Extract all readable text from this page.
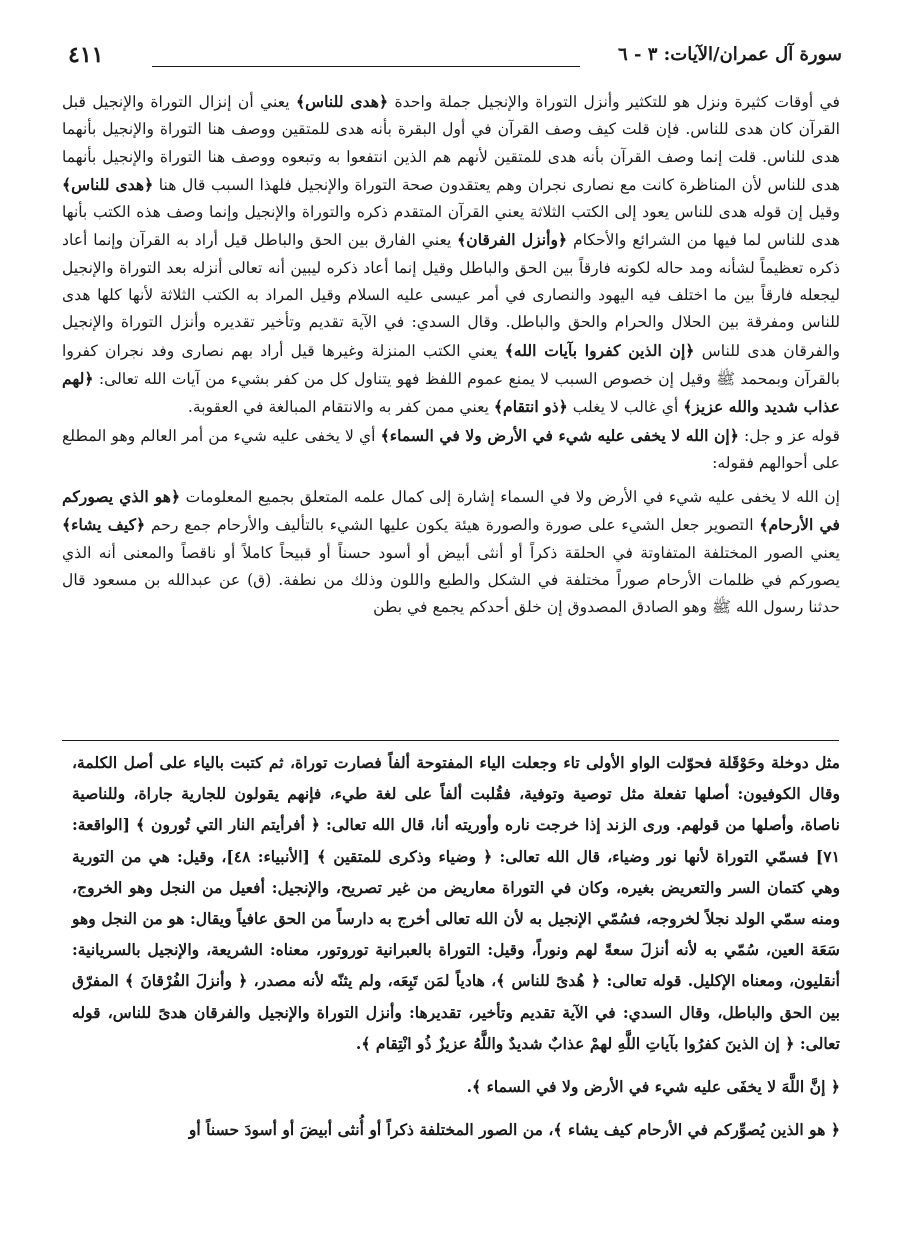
سورة آل عمران/الآيات: ٣ - ٦
٤١١

في أوقات كثيرة ونزل هو للتكثير وأنزل التوراة والإنجيل جملة واحدة ﴿هدى للناس﴾ يعني أن إنزال التوراة والإنجيل قبل القرآن كان هدى للناس. فإن قلت كيف وصف القرآن في أول البقرة بأنه هدى للمتقين ووصف هنا التوراة والإنجيل بأنهما هدى للناس. قلت إنما وصف القرآن بأنه هدى للمتقين لأنهم هم الذين انتفعوا به وتبعوه ووصف هنا التوراة والإنجيل بأنهما هدى للناس لأن المناظرة كانت مع نصارى نجران وهم يعتقدون صحة التوراة والإنجيل فلهذا السبب قال هنا ﴿هدى للناس﴾ وقيل إن قوله هدى للناس يعود إلى الكتب الثلاثة يعني القرآن المتقدم ذكره والتوراة والإنجيل وإنما وصف هذه الكتب بأنها هدى للناس لما فيها من الشرائع والأحكام ﴿وأنزل الفرقان﴾ يعني الفارق بين الحق والباطل قيل أراد به القرآن وإنما أعاد ذكره تعظيماً لشأنه ومد حاله لكونه فارقاً بين الحق والباطل وقيل إنما أعاد ذكره ليبين أنه تعالى أنزله بعد التوراة والإنجيل ليجعله فارقاً بين ما اختلف فيه اليهود والنصارى في أمر عيسى عليه السلام وقيل المراد به الكتب الثلاثة لأنها كلها هدى للناس ومفرقة بين الحلال والحرام والحق والباطل. وقال السدي: في الآية تقديم وتأخير تقديره وأنزل التوراة والإنجيل والفرقان هدى للناس ﴿إن الذين كفروا بآيات الله﴾ يعني الكتب المنزلة وغيرها قيل أراد بهم نصارى وفد نجران كفروا بالقرآن وبمحمد ﷺ وقيل إن خصوص السبب لا يمنع عموم اللفظ فهو يتناول كل من كفر بشيء من آيات الله تعالى: ﴿لهم عذاب شديد والله عزيز﴾ أي غالب لا يغلب ﴿ذو انتقام﴾ يعني ممن كفر به والانتقام المبالغة في العقوبة.

قوله عز و جل: ﴿إن الله لا يخفى عليه شيء في الأرض ولا في السماء﴾ أي لا يخفى عليه شيء من أمر العالم وهو المطلع على أحوالهم فقوله:

إن الله لا يخفى عليه شيء في الأرض ولا في السماء إشارة إلى كمال علمه المتعلق بجميع المعلومات ﴿هو الذي يصوركم في الأرحام﴾ التصوير جعل الشيء على صورة والصورة هيئة يكون عليها الشيء بالتأليف والأرحام جمع رحم ﴿كيف يشاء﴾ يعني الصور المختلفة المتفاوتة في الحلقة ذكراً أو أنثى أبيض أو أسود حسناً أو قبيحاً كاملاً أو ناقصاً والمعنى أنه الذي يصوركم في ظلمات الأرحام صوراً مختلفة في الشكل والطبع واللون وذلك من نطفة. (ق) عن عبدالله بن مسعود قال حدثنا رسول الله ﷺ وهو الصادق المصدوق إن خلق أحدكم يجمع في بطن

مثل دوخلة وحَوْقَلة فحوّلت الواو الأولى تاء وجعلت الياء المفتوحة ألفاً فصارت توراة، ثم كتبت بالياء على أصل الكلمة، وقال الكوفيون: أصلها تفعلة مثل توصية وتوفية، فقُلبت ألفاً على لغة طيء، فإنهم يقولون للجارية جاراة، وللناصية ناصاة، وأصلها من قولهم. ورى الزند إذا خرجت ناره وأوريته أنا، قال الله تعالى: ﴿ أفرأيتم النار التي تُورون ﴾ [الواقعة: ٧١] فسمّي التوراة لأنها نور وضياء، قال الله تعالى: ﴿ وضياء وذكرى للمتقين ﴾ [الأنبياء: ٤٨]، وقيل: هي من التورية وهي كتمان السر والتعريض بغيره، وكان في التوراة معاريض من غير تصريح، والإنجيل: أفعيل من النجل وهو الخروج، ومنه سمّي الولد نجلاً لخروجه، فسُمّي الإنجيل به لأن الله تعالى أخرج به دارساً من الحق عافياً ويقال: هو من النجل وهو سَعَة العين، سُمّي به لأنه أنزلَ سعةً لهم ونوراً، وقيل: التوراة بالعبرانية توروتور، معناه: الشريعة، والإنجيل بالسريانية: أنقليون، ومعناه الإكليل. قوله تعالى: ﴿ هُدىً للناس ﴾، هادياً لمَن تَبِعَه، ولم يثنّه لأنه مصدر، ﴿ وأنزلَ الفُرْقانَ ﴾ المفرّق بين الحق والباطل، وقال السدي: في الآية تقديم وتأخير، تقديرها: وأنزل التوراة والإنجيل والفرقان هدىً للناس، قوله تعالى: ﴿ إن الذينَ كفرُوا بآياتِ اللَّهِ لهمْ عذابٌ شديدٌ واللَّهُ عزيزٌ ذُو انْتِقام ﴾.

﴿ إنَّ اللَّهَ لا يخفَى عليه شيء في الأرض ولا في السماء ﴾.

﴿ هو الذين يُصوِّركم في الأرحام كيف يشاء ﴾، من الصور المختلفة ذكراً أو أُنثى أبيضَ أو أسودَ حسناً أو
